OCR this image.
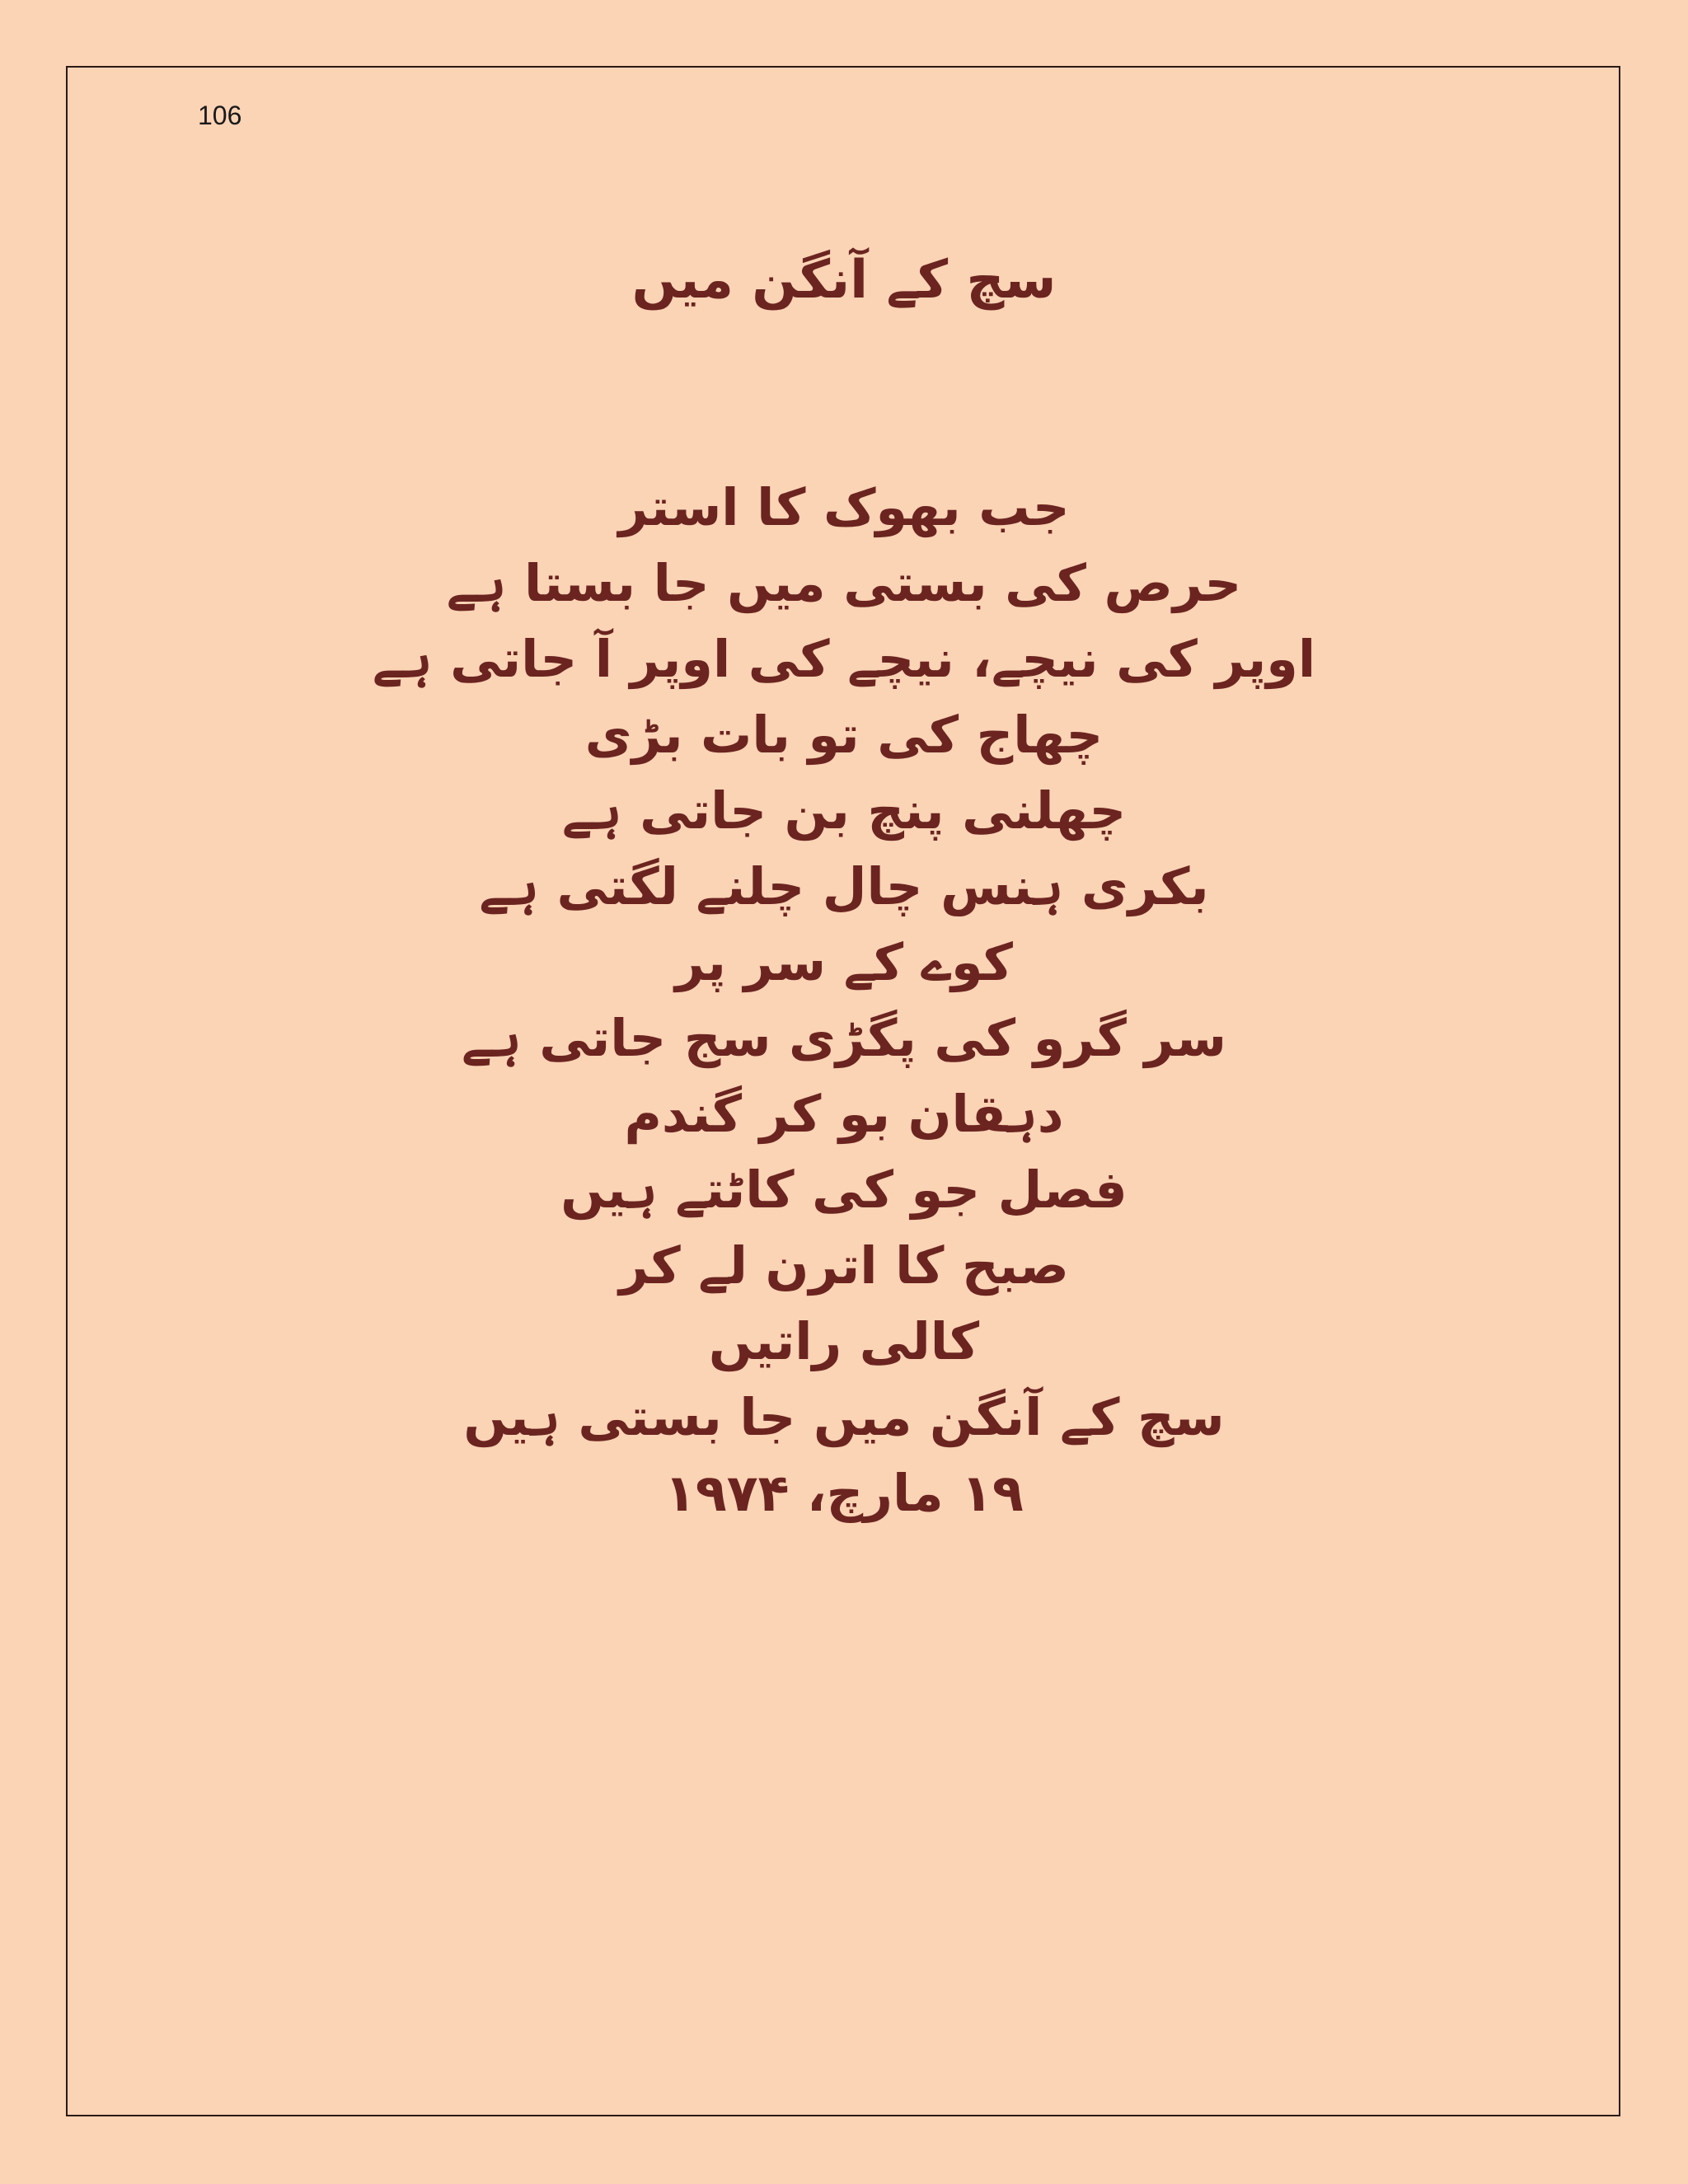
106
سچ کے آنگن میں
جب بھوک کا استر
حرص کی بستی میں جا بستا ہے
اوپر کی نیچے، نیچے کی اوپر آ جاتی ہے
چھاج کی تو بات بڑی
چھلنی پنچ بن جاتی ہے
بکری ہنس چال چلنے لگتی ہے
کوے کے سر پر
سر گرو کی پگڑی سج جاتی ہے
دہقان بو کر گندم
فصل جو کی کاٹتے ہیں
صبح کا اترن لے کر
کالی راتیں
سچ کے آنگن میں جا بستی ہیں
۱۹ مارچ، ۱۹۷۴
